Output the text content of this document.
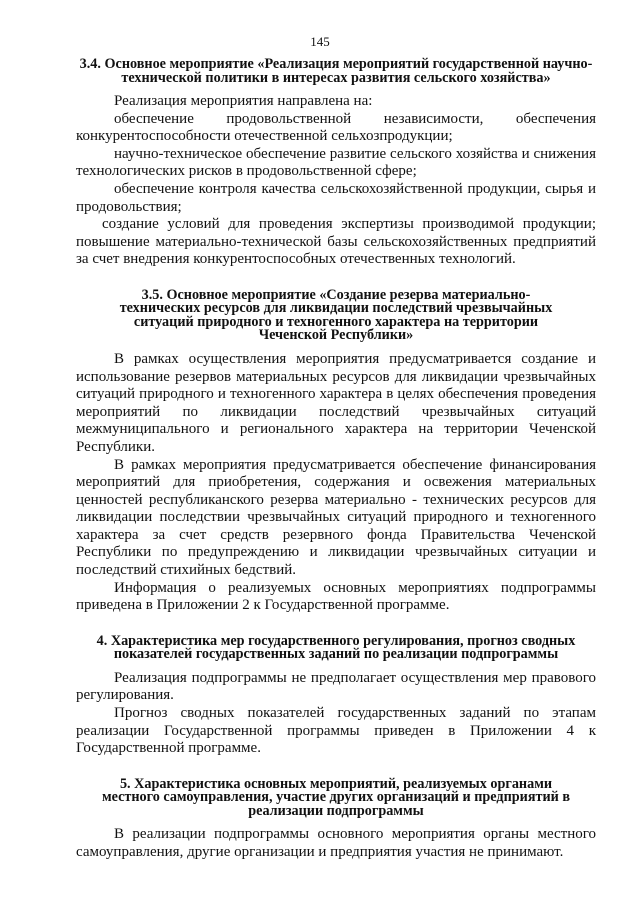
145
3.4. Основное мероприятие «Реализация мероприятий государственной научно-технической политики в интересах развития сельского хозяйства»

Реализация мероприятия направлена на:

обеспечение продовольственной независимости, обеспечения конкурентоспособности отечественной сельхозпродукции;

научно-техническое обеспечение развитие сельского хозяйства и снижения технологических рисков в продовольственной сфере;

обеспечение контроля качества сельскохозяйственной продукции, сырья и продовольствия;

создание условий для проведения экспертизы производимой продукции; повышение материально-технической базы сельскохозяйственных предприятий за счет внедрения конкурентоспособных отечественных технологий.

3.5. Основное мероприятие «Создание резерва материально-технических ресурсов для ликвидации последствий чрезвычайных ситуаций природного и техногенного характера на территории Чеченской Республики»

В рамках осуществления мероприятия предусматривается создание и использование резервов материальных ресурсов для ликвидации чрезвычайных ситуаций природного и техногенного характера в целях обеспечения проведения мероприятий по ликвидации последствий чрезвычайных ситуаций межмуниципального и регионального характера на территории Чеченской Республики.

В рамках мероприятия предусматривается обеспечение финансирования мероприятий для приобретения, содержания и освежения материальных ценностей республиканского резерва материально - технических ресурсов для ликвидации последствии чрезвычайных ситуаций природного и техногенного характера за счет средств резервного фонда Правительства Чеченской Республики по предупреждению и ликвидации чрезвычайных ситуации и последствий стихийных бедствий.

Информация о реализуемых основных мероприятиях подпрограммы приведена в Приложении 2 к Государственной программе.

4. Характеристика мер государственного регулирования, прогноз сводных показателей государственных заданий по реализации подпрограммы

Реализация подпрограммы не предполагает осуществления мер правового регулирования.

Прогноз сводных показателей государственных заданий по этапам реализации Государственной программы приведен в Приложении 4 к Государственной программе.

5. Характеристика основных мероприятий, реализуемых органами местного самоуправления, участие других организаций и предприятий в реализации подпрограммы

В реализации подпрограммы основного мероприятия органы местного самоуправления, другие организации и предприятия участия не принимают.
